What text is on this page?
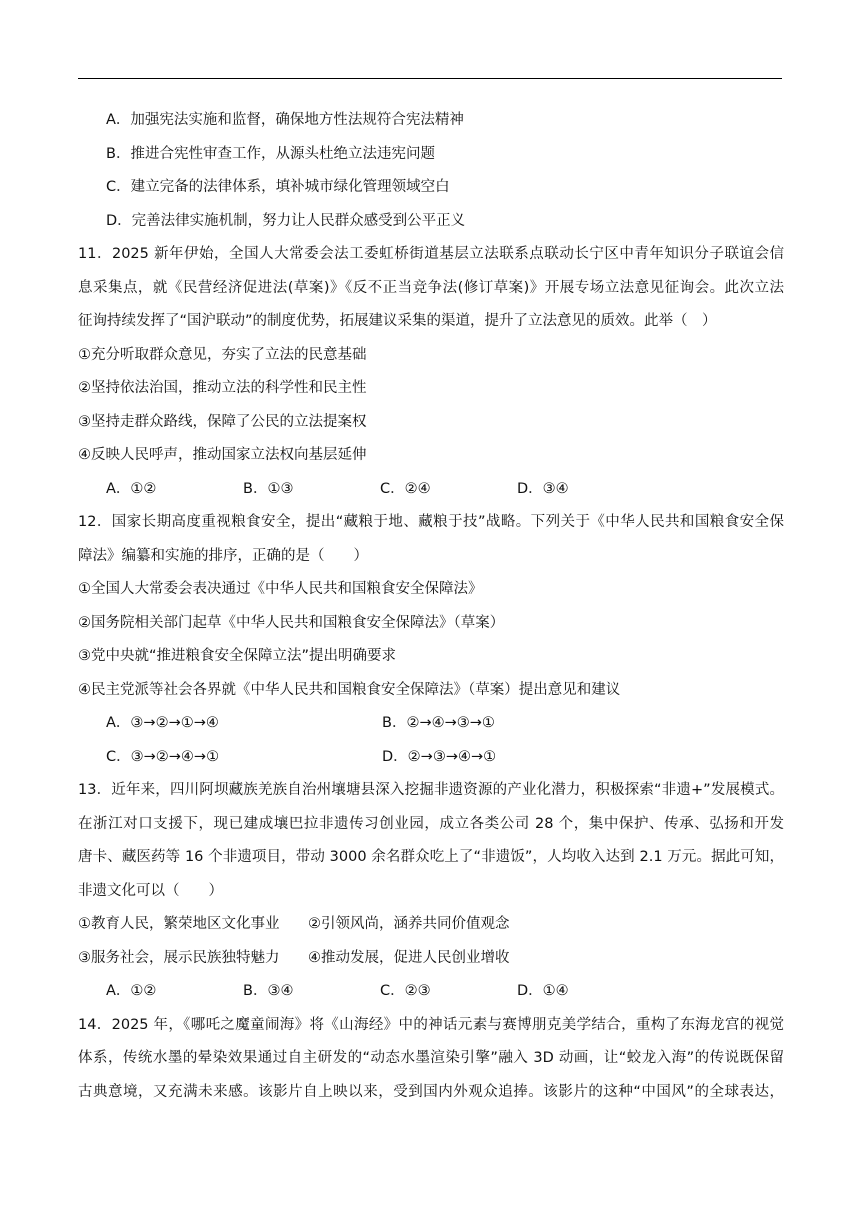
A．加强宪法实施和监督，确保地方性法规符合宪法精神
B．推进合宪性审查工作，从源头杜绝立法违宪问题
C．建立完备的法律体系，填补城市绿化管理领域空白
D．完善法律实施机制，努力让人民群众感受到公平正义
11．2025 新年伊始，全国人大常委会法工委虹桥街道基层立法联系点联动长宁区中青年知识分子联谊会信
息采集点，就《民营经济促进法(草案)》《反不正当竞争法(修订草案)》开展专场立法意见征询会。此次立法
征询持续发挥了“国沪联动”的制度优势，拓展建议采集的渠道，提升了立法意见的质效。此举（　）
①充分听取群众意见，夯实了立法的民意基础
②坚持依法治国，推动立法的科学性和民主性
③坚持走群众路线，保障了公民的立法提案权
④反映人民呼声，推动国家立法权向基层延伸
A．①②	B．①③	C．②④	D．③④
12．国家长期高度重视粮食安全，提出“藏粮于地、藏粮于技”战略。下列关于《中华人民共和国粮食安全保
障法》编纂和实施的排序，正确的是（　　）
①全国人大常委会表决通过《中华人民共和国粮食安全保障法》
②国务院相关部门起草《中华人民共和国粮食安全保障法》（草案）
③党中央就“推进粮食安全保障立法”提出明确要求
④民主党派等社会各界就《中华人民共和国粮食安全保障法》（草案）提出意见和建议
A．③→②→①→④	B．②→④→③→①
C．③→②→④→①	D．②→③→④→①
13．近年来，四川阿坝藏族羌族自治州壤塘县深入挖掘非遗资源的产业化潜力，积极探索“非遗+”发展模式。
在浙江对口支援下，现已建成壤巴拉非遗传习创业园，成立各类公司 28 个，集中保护、传承、弘扬和开发
唐卡、藏医药等 16 个非遗项目，带动 3000 余名群众吃上了“非遗饭”，人均收入达到 2.1 万元。据此可知，
非遗文化可以（　　）
①教育人民，繁荣地区文化事业	②引领风尚，涵养共同价值观念
③服务社会，展示民族独特魅力	④推动发展，促进人民创业增收
A．①②	B．③④	C．②③	D．①④
14．2025 年，《哪吒之魔童闹海》将《山海经》中的神话元素与赛博朋克美学结合，重构了东海龙宫的视觉
体系，传统水墨的晕染效果通过自主研发的“动态水墨渲染引擎”融入 3D 动画，让“蛟龙入海”的传说既保留
古典意境，又充满未来感。该影片自上映以来，受到国内外观众追捧。该影片的这种“中国风”的全球表达，
